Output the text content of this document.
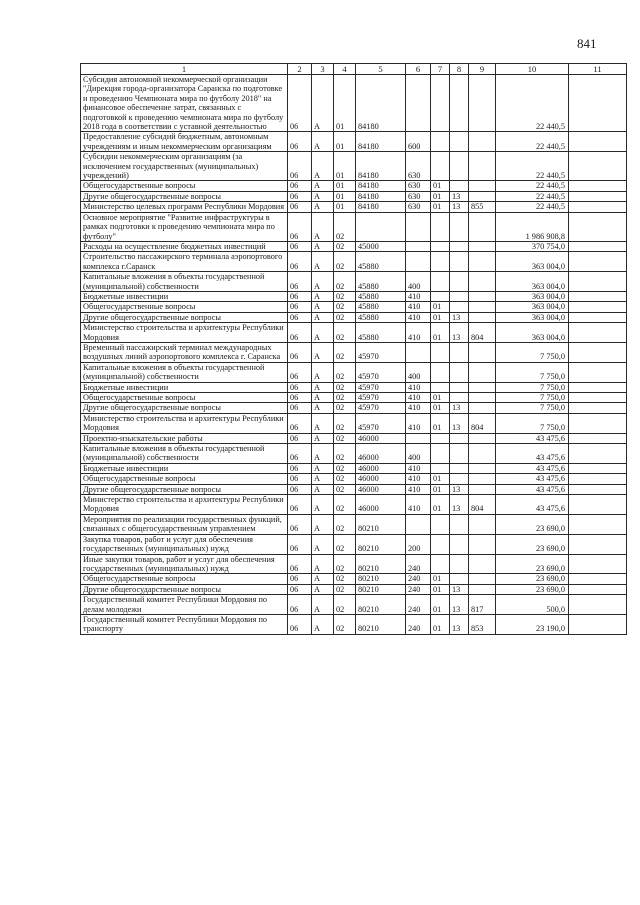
841
1	2	3	4	5	6	7	8	9	10	11
Субсидия автономной некоммерческой организации "Дирекция города-организатора Саранска по подготовке и проведению Чемпионата мира по футболу 2018" на финансовое обеспечение затрат, связанных с подготовкой к проведению чемпионата мира по футболу 2018 года в соответствии с уставной деятельностью	06	А	01	84180					22 440,5	
Предоставление субсидий бюджетным, автономным учреждениям и иным некоммерческим организациям	06	А	01	84180	600				22 440,5	
Субсидии некоммерческим организациям (за исключением государственных (муниципальных) учреждений)	06	А	01	84180	630				22 440,5	
Общегосударственные вопросы	06	А	01	84180	630	01			22 440,5	
Другие общегосударственные вопросы	06	А	01	84180	630	01	13		22 440,5	
Министерство целевых программ Республики Мордовия	06	А	01	84180	630	01	13	855	22 440,5	
Основное мероприятие "Развитие инфраструктуры в рамках подготовки к проведению чемпионата мира по футболу"	06	А	02						1 986 908,8	
Расходы на осуществление бюджетных инвестиций	06	А	02	45000					370 754,0	
Строительство пассажирского терминала аэропортового комплекса г.Саранск	06	А	02	45880					363 004,0	
Капитальные вложения в объекты государственной (муниципальной) собственности	06	А	02	45880	400				363 004,0	
Бюджетные инвестиции	06	А	02	45880	410				363 004,0	
Общегосударственные вопросы	06	А	02	45880	410	01			363 004,0	
Другие общегосударственные вопросы	06	А	02	45880	410	01	13		363 004,0	
Министерство строительства и архитектуры Республики Мордовия	06	А	02	45880	410	01	13	804	363 004,0	
Временный пассажирский терминал международных воздушных линий аэропортового комплекса г. Саранска	06	А	02	45970					7 750,0	
Капитальные вложения в объекты государственной (муниципальной) собственности	06	А	02	45970	400				7 750,0	
Бюджетные инвестиции	06	А	02	45970	410				7 750,0	
Общегосударственные вопросы	06	А	02	45970	410	01			7 750,0	
Другие общегосударственные вопросы	06	А	02	45970	410	01	13		7 750,0	
Министерство строительства и архитектуры Республики Мордовия	06	А	02	45970	410	01	13	804	7 750,0	
Проектно-изыскательские работы	06	А	02	46000					43 475,6	
Капитальные вложения в объекты государственной (муниципальной) собственности	06	А	02	46000	400				43 475,6	
Бюджетные инвестиции	06	А	02	46000	410				43 475,6	
Общегосударственные вопросы	06	А	02	46000	410	01			43 475,6	
Другие общегосударственные вопросы	06	А	02	46000	410	01	13		43 475,6	
Министерство строительства и архитектуры Республики Мордовия	06	А	02	46000	410	01	13	804	43 475,6	
Мероприятия по реализации государственных функций, связанных с общегосударственным управлением	06	А	02	80210					23 690,0	
Закупка товаров, работ и услуг для обеспечения государственных (муниципальных) нужд	06	А	02	80210	200				23 690,0	
Иные закупки товаров, работ и услуг для обеспечения государственных (муниципальных) нужд	06	А	02	80210	240				23 690,0	
Общегосударственные вопросы	06	А	02	80210	240	01			23 690,0	
Другие общегосударственные вопросы	06	А	02	80210	240	01	13		23 690,0	
Государственный комитет Республики Мордовия по делам молодежи	06	А	02	80210	240	01	13	817	500,0	
Государственный комитет Республики Мордовия по транспорту	06	А	02	80210	240	01	13	853	23 190,0	
